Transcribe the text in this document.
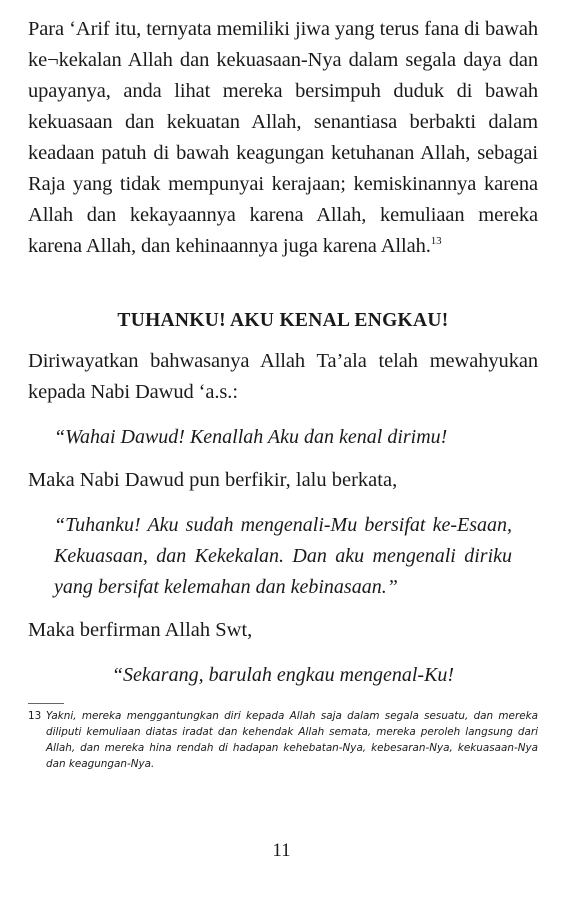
Para ‘Arif itu, ternyata memiliki jiwa yang terus fana di bawah ke¬kekalan Allah dan kekuasaan-Nya dalam segala daya dan upayanya, anda lihat mereka bersimpuh duduk di bawah kekuasaan dan kekuatan Allah, senantiasa berbakti dalam keadaan patuh di bawah keagungan ketuhanan Allah, sebagai Raja yang tidak mempunyai kerajaan; kemiskinannya karena Allah dan kekayaannya karena Allah, kemuliaan mereka karena Allah, dan kehinaannya juga karena Allah.$^{13}$

TUHANKU! AKU KENAL ENGKAU!

Diriwayatkan bahwasanya Allah Ta’ala telah mewahyukan kepada Nabi Dawud ‘a.s.:

“Wahai Dawud! Kenallah Aku dan kenal dirimu!

Maka Nabi Dawud pun berfikir, lalu berkata,

“Tuhanku! Aku sudah mengenali-Mu bersifat ke-Esaan, Kekuasaan, dan Kekekalan. Dan aku mengenali diriku yang bersifat kelemahan dan kebinasaan.”

Maka berfirman Allah Swt,

“Sekarang, barulah engkau mengenal-Ku!

13 Yakni, mereka menggantungkan diri kepada Allah saja dalam segala sesuatu, dan mereka diliputi kemuliaan diatas iradat dan kehendak Allah semata, mereka peroleh langsung dari Allah, dan mereka hina rendah di hadapan kehebatan-Nya, kebesaran-Nya, kekuasaan-Nya dan keagungan-Nya.

11
